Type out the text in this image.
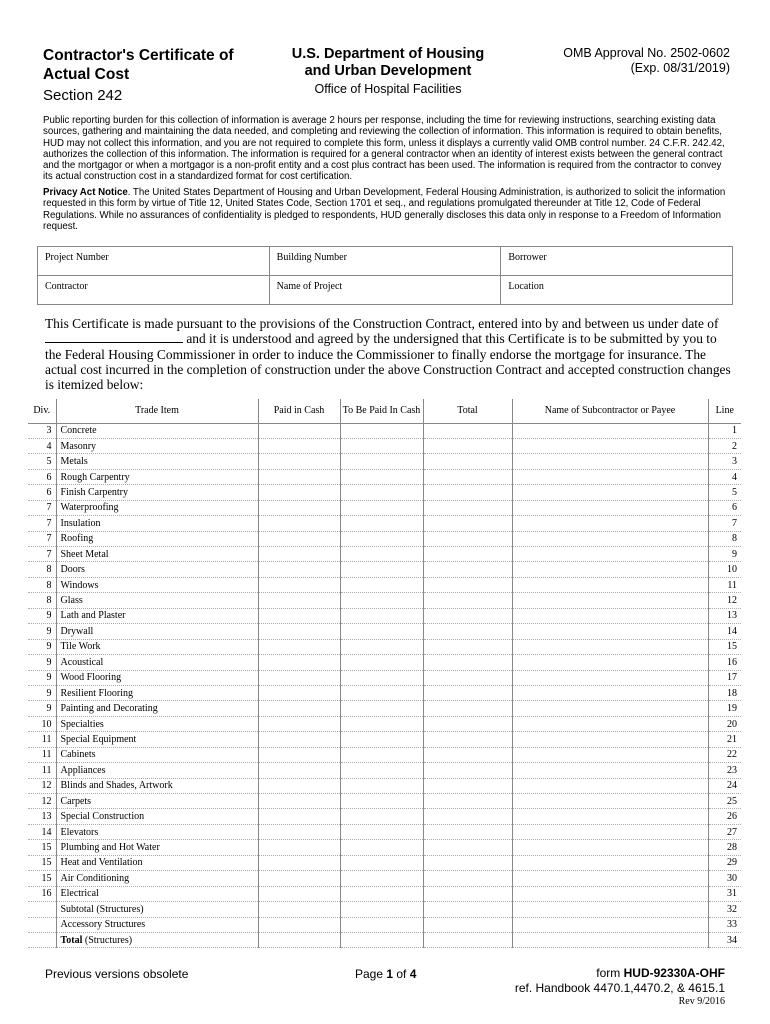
Contractor's Certificate of
Actual Cost
Section 242
U.S. Department of Housing
and Urban Development
Office of Hospital Facilities
OMB Approval No. 2502-0602
(Exp. 08/31/2019)

Public reporting burden for this collection of information is average 2 hours per response, including the time for reviewing instructions, searching existing data sources, gathering and maintaining the data needed, and completing and reviewing the collection of information. This information is required to obtain benefits, HUD may not collect this information, and you are not required to complete this form, unless it displays a currently valid OMB control number. 24 C.F.R. 242.42, authorizes the collection of this information. The information is required for a general contractor when an identity of interest exists between the general contract and the mortgagor or when a mortgagor is a non-profit entity and a cost plus contract has been used. The information is required from the contractor to convey its actual construction cost in a standardized format for cost certification.

Privacy Act Notice. The United States Department of Housing and Urban Development, Federal Housing Administration, is authorized to solicit the information requested in this form by virtue of Title 12, United States Code, Section 1701 et seq., and regulations promulgated thereunder at Title 12, Code of Federal Regulations. While no assurances of confidentiality is pledged to respondents, HUD generally discloses this data only in response to a Freedom of Information request.

Project Number	Building Number	Borrower
Contractor	Name of Project	Location

This Certificate is made pursuant to the provisions of the Construction Contract, entered into by and between us under date of  and it is understood and agreed by the undersigned that this Certificate is to be submitted by you to the Federal Housing Commissioner in order to induce the Commissioner to finally endorse the mortgage for insurance. The actual cost incurred in the completion of construction under the above Construction Contract and accepted construction changes is itemized below:

Div.	Trade Item	Paid in Cash	To Be Paid In Cash	Total	Name of Subcontractor or Payee	Line
3	Concrete					1
4	Masonry					2
5	Metals					3
6	Rough Carpentry					4
6	Finish Carpentry					5
7	Waterproofing					6
7	Insulation					7
7	Roofing					8
7	Sheet Metal					9
8	Doors					10
8	Windows					11
8	Glass					12
9	Lath and Plaster					13
9	Drywall					14
9	Tile Work					15
9	Acoustical					16
9	Wood Flooring					17
9	Resilient Flooring					18
9	Painting and Decorating					19
10	Specialties					20
11	Special Equipment					21
11	Cabinets					22
11	Appliances					23
12	Blinds and Shades, Artwork					24
12	Carpets					25
13	Special Construction					26
14	Elevators					27
15	Plumbing and Hot Water					28
15	Heat and Ventilation					29
15	Air Conditioning					30
16	Electrical					31
	Subtotal (Structures)					32
	Accessory Structures					33
	Total (Structures)					34
Previous versions obsolete	Page 1 of 4	form HUD-92330A-OHF
ref. Handbook 4470.1,4470.2, & 4615.1
Rev 9/2016
